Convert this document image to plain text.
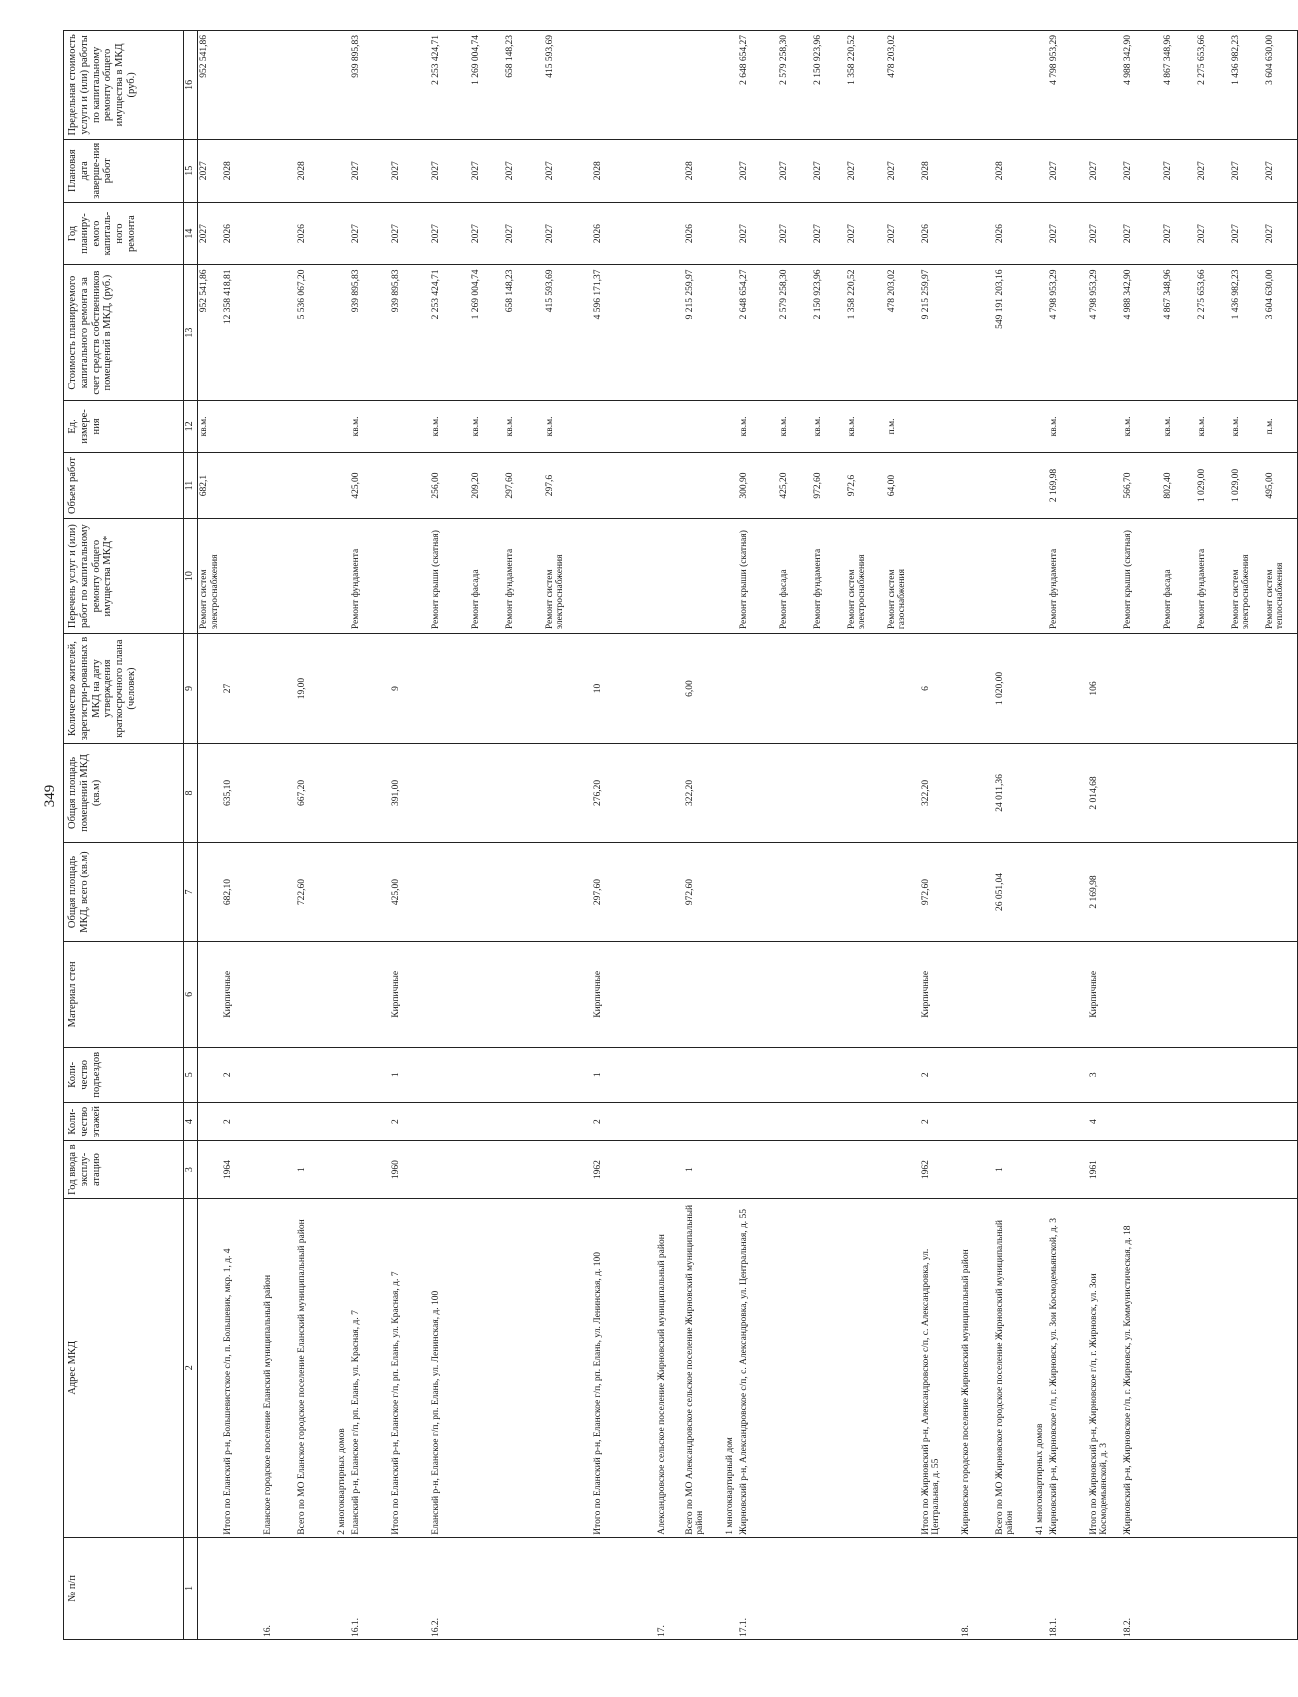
349
№ п/п	Адрес МКД	Год ввода в эксплу-атацию	Коли-чество этажей	Коли-чество подъездов	Материал стен	Общая площадь МКД, всего (кв.м)	Общая площадь помещений МКД (кв.м)	Количество жителей, зарегистри-рованных в МКД на дату утверждения краткосрочного плана (человек)	Перечень услуг и (или) работ по капитальному ремонту общего имущества МКД*	Объем работ	Ед. измере-ния	Стоимость планируемого капитального ремонта за счет средств собственников помещений в МКД, (руб.)	Год планиру-емого капиталь-ного ремонта	Плановая дата заверше-ния работ	Предельная стоимость услуги и (или) работы по капитальному ремонту общего имущества в МКД (руб.)
1	2	3	4	5	6	7	8	9	10	11	12	13	14	15	16
									Ремонт систем электроснабжения	682,1	кв.м.	952 541,86	2027	2027	952 541,86
	Итого по Еланский р-н, Большевистское с/п, п. Большевик, мкр. 1, д. 4	1964	2	2	Кирпичные	682,10	635,10	27				12 358 418,81	2026	2028	
16.	Еланское городское поселение Еланский муниципальный район														
	Всего по МО Еланское городское поселение Еланский муниципальный район	1				722,60	667,20	19,00				5 536 067,20	2026	2028	
	2 многоквартирных домов														
16.1.	Еланский р-н, Еланское г/п, рп. Елань, ул. Красная, д. 7								Ремонт фундамента	425,00	кв.м.	939 895,83	2027	2027	939 895,83
	Итого по Еланский р-н, Еланское г/п, рп. Елань, ул. Красная, д. 7	1960	2	1	Кирпичные	425,00	391,00	9				939 895,83	2027	2027	
16.2.	Еланский р-н, Еланское г/п, рп. Елань, ул. Ленинская, д. 100								Ремонт крыши (скатная)	256,00	кв.м.	2 253 424,71	2027	2027	2 253 424,71
									Ремонт фасада	209,20	кв.м.	1 269 004,74	2027	2027	1 269 004,74
									Ремонт фундамента	297,60	кв.м.	658 148,23	2027	2027	658 148,23
									Ремонт систем электроснабжения	297,6	кв.м.	415 593,69	2027	2027	415 593,69
	Итого по Еланский р-н, Еланское г/п, рп. Елань, ул. Ленинская, д. 100	1962	2	1	Кирпичные	297,60	276,20	10				4 596 171,37	2026	2028	
17.	Александровское сельское поселение Жирновский муниципальный район														
	Всего по МО Александровское сельское поселение Жирновский муниципальный район	1				972,60	322,20	6,00				9 215 259,97	2026	2028	
	1 многоквартирный дом														
17.1.	Жирновский р-н, Александровское с/п, с. Александровка, ул. Центральная, д. 55								Ремонт крыши (скатная)	300,90	кв.м.	2 648 654,27	2027	2027	2 648 654,27
									Ремонт фасада	425,20	кв.м.	2 579 258,30	2027	2027	2 579 258,30
									Ремонт фундамента	972,60	кв.м.	2 150 923,96	2027	2027	2 150 923,96
									Ремонт систем электроснабжения	972,6	кв.м.	1 358 220,52	2027	2027	1 358 220,52
									Ремонт систем газоснабжения	64,00	п.м.	478 203,02	2027	2027	478 203,02
	Итого по Жирновский р-н, Александровское с/п, с. Александровка, ул. Центральная, д. 55	1962	2	2	Кирпичные	972,60	322,20	6				9 215 259,97	2026	2028	
18.	Жирновское городское поселение Жирновский муниципальный район														
	Всего по МО Жирновское городское поселение Жирновский муниципальный район	1				26 051,04	24 011,36	1 020,00				549 191 203,16	2026	2028	
	41 многоквартирных домов														
18.1.	Жирновский р-н, Жирновское г/п, г. Жирновск, ул. Зои Космодемьянской, д. 3								Ремонт фундамента	2 169,98	кв.м.	4 798 953,29	2027	2027	4 798 953,29
	Итого по Жирновский р-н, Жирновское г/п, г. Жирновск, ул. Зои Космодемьянской, д. 3	1961	4	3	Кирпичные	2 169,98	2 014,68	106				4 798 953,29	2027	2027	
18.2.	Жирновский р-н, Жирновское г/п, г. Жирновск, ул. Коммунистическая, д. 18								Ремонт крыши (скатная)	566,70	кв.м.	4 988 342,90	2027	2027	4 988 342,90
									Ремонт фасада	802,40	кв.м.	4 867 348,96	2027	2027	4 867 348,96
									Ремонт фундамента	1 029,00	кв.м.	2 275 653,66	2027	2027	2 275 653,66
									Ремонт систем электроснабжения	1 029,00	кв.м.	1 436 982,23	2027	2027	1 436 982,23
									Ремонт систем теплоснабжения	495,00	п.м.	3 604 630,00	2027	2027	3 604 630,00
